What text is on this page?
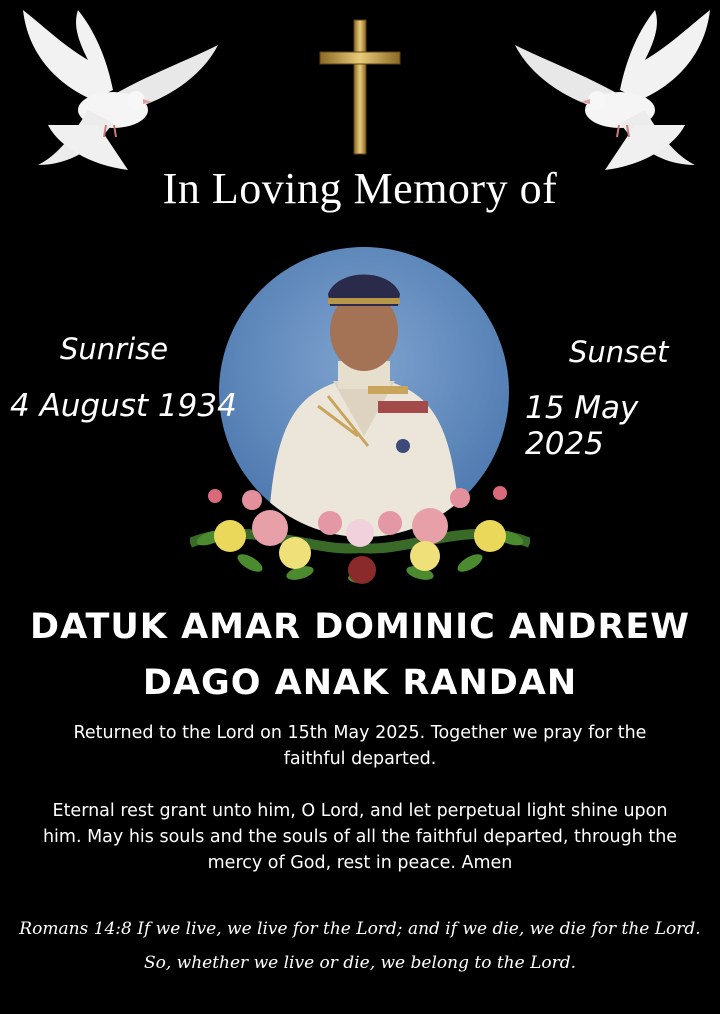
In Loving Memory of
Sunrise
4 August 1934
Sunset
15 May 2025
DATUK AMAR DOMINIC ANDREW
DAGO ANAK RANDAN
Returned to the Lord on 15th May 2025. Together we pray for the faithful departed.
Eternal rest grant unto him, O Lord, and let perpetual light shine upon him. May his souls and the souls of all the faithful departed, through the mercy of God, rest in peace. Amen
Romans 14:8 If we live, we live for the Lord; and if we die, we die for the Lord. So, whether we live or die, we belong to the Lord.
